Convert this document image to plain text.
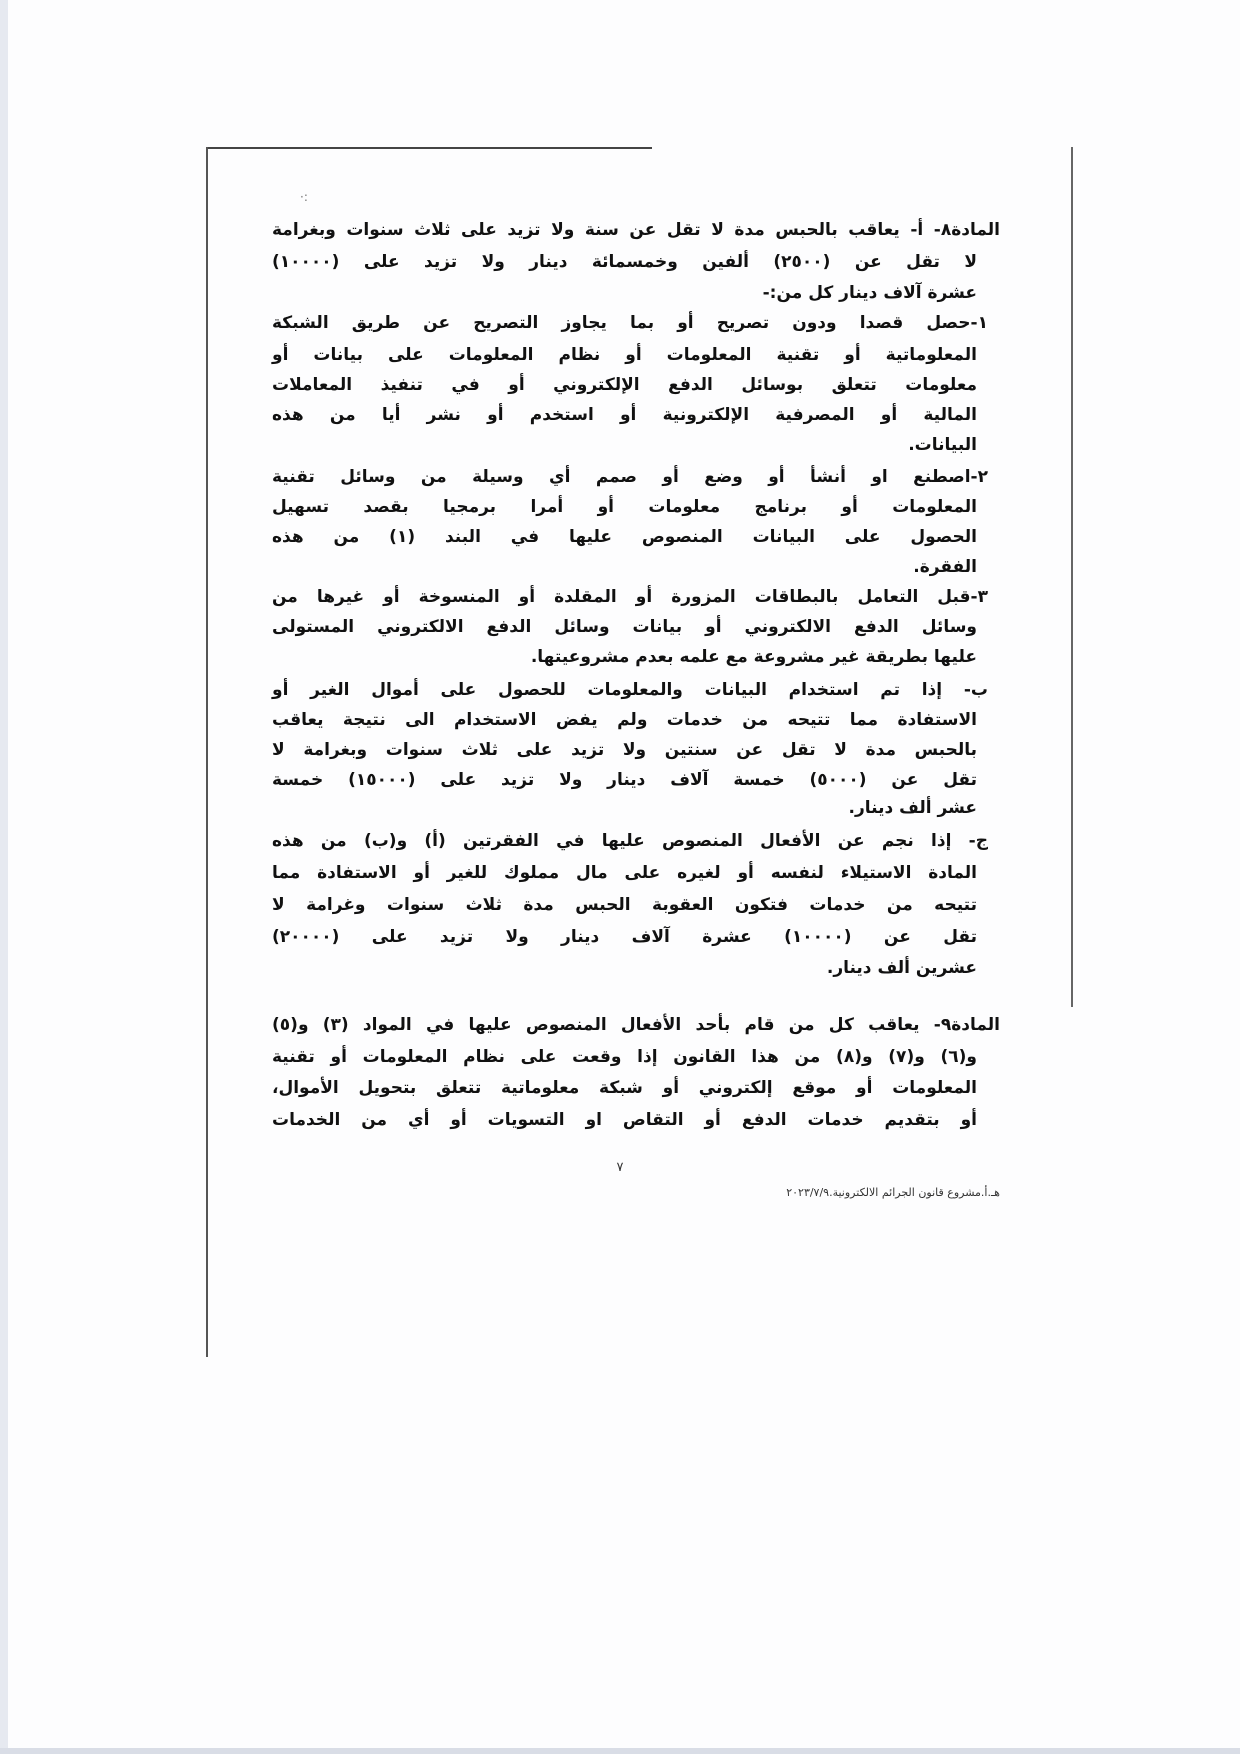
·:
المادة٨- أ- يعاقب بالحبس مدة لا تقل عن سنة ولا تزيد على ثلاث سنوات وبغرامة
لا تقل عن (٢٥٠٠) ألفين وخمسمائة دينار ولا تزيد على (١٠٠٠٠)
عشرة آلاف دينار كل من:-
١-حصل قصدا ودون تصريح أو بما يجاوز التصريح عن طريق الشبكة
المعلوماتية أو تقنية المعلومات أو نظام المعلومات على بيانات أو
معلومات تتعلق بوسائل الدفع الإلكتروني أو في تنفيذ المعاملات
المالية أو المصرفية الإلكترونية أو استخدم أو نشر أيا من هذه
البيانات.
٢-اصطنع او أنشأ أو وضع أو صمم أي وسيلة من وسائل تقنية
المعلومات أو برنامج معلومات أو أمرا برمجيا بقصد تسهيل
الحصول على البيانات المنصوص عليها في البند (١) من هذه
الفقرة.
٣-قبل التعامل بالبطاقات المزورة أو المقلدة أو المنسوخة أو غيرها من
وسائل الدفع الالكتروني أو بيانات وسائل الدفع الالكتروني المستولى
عليها بطريقة غير مشروعة مع علمه بعدم مشروعيتها.
ب- إذا تم استخدام البيانات والمعلومات للحصول على أموال الغير أو
الاستفادة مما تتيحه من خدمات ولم يفض الاستخدام الى نتيجة يعاقب
بالحبس مدة لا تقل عن سنتين ولا تزيد على ثلاث سنوات وبغرامة لا
تقل عن (٥٠٠٠) خمسة آلاف دينار ولا تزيد على (١٥٠٠٠) خمسة
عشر ألف دينار.
ج- إذا نجم عن الأفعال المنصوص عليها في الفقرتين (أ) و(ب) من هذه
المادة الاستيلاء لنفسه أو لغيره على مال مملوك للغير أو الاستفادة مما
تتيحه من خدمات فتكون العقوبة الحبس مدة ثلاث سنوات وغرامة لا
تقل عن (١٠٠٠٠) عشرة آلاف دينار ولا تزيد على (٢٠٠٠٠)
عشرين ألف دينار.
المادة٩- يعاقب كل من قام بأحد الأفعال المنصوص عليها في المواد (٣) و(٥)
و(٦) و(٧) و(٨) من هذا القانون إذا وقعت على نظام المعلومات أو تقنية
المعلومات أو موقع إلكتروني أو شبكة معلوماتية تتعلق بتحويل الأموال،
أو بتقديم خدمات الدفع أو التقاص او التسويات أو أي من الخدمات
٧
هـ.أ.مشروع قانون الجرائم الالكترونية.٢٠٢٣/٧/٩
